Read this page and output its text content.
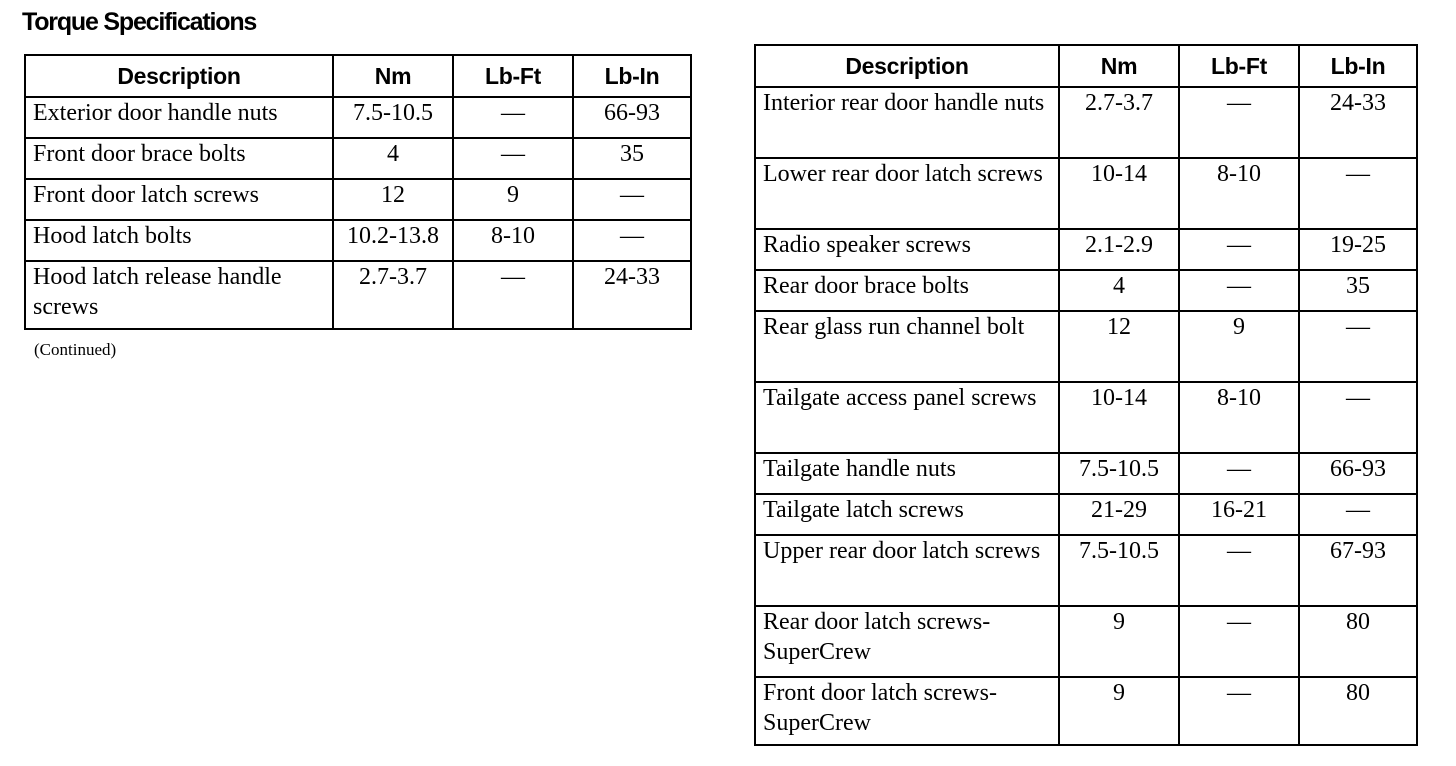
Torque Specifications
Description	Nm	Lb-Ft	Lb-In
Exterior door handle nuts	7.5-10.5	—	66-93
Front door brace bolts	4	—	35
Front door latch screws	12	9	—
Hood latch bolts	10.2-13.8	8-10	—
Hood latch release handle screws	2.7-3.7	—	24-33
(Continued)
Description	Nm	Lb-Ft	Lb-In
Interior rear door handle nuts	2.7-3.7	—	24-33
Lower rear door latch screws	10-14	8-10	—
Radio speaker screws	2.1-2.9	—	19-25
Rear door brace bolts	4	—	35
Rear glass run channel bolt	12	9	—
Tailgate access panel screws	10-14	8-10	—
Tailgate handle nuts	7.5-10.5	—	66-93
Tailgate latch screws	21-29	16-21	—
Upper rear door latch screws	7.5-10.5	—	67-93
Rear door latch screws-SuperCrew	9	—	80
Front door latch screws-SuperCrew	9	—	80
